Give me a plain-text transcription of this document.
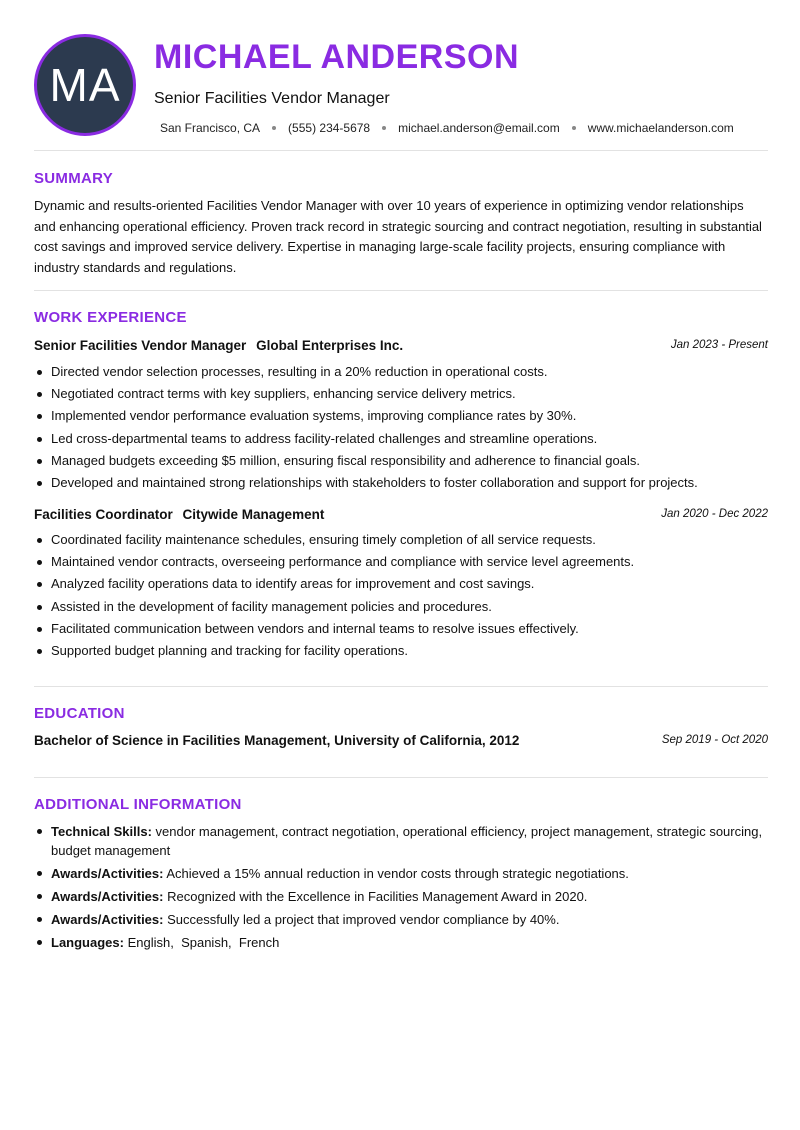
MA
MICHAEL ANDERSON
Senior Facilities Vendor Manager
San Francisco, CA (555) 234-5678 michael.anderson@email.com www.michaelanderson.com
SUMMARY
Dynamic and results-oriented Facilities Vendor Manager with over 10 years of experience in optimizing vendor relationships and enhancing operational efficiency. Proven track record in strategic sourcing and contract negotiation, resulting in substantial cost savings and improved service delivery. Expertise in managing large-scale facility projects, ensuring compliance with industry standards and regulations.
WORK EXPERIENCE
Senior Facilities Vendor Manager Global Enterprises Inc.	Jan 2023 - Present
Directed vendor selection processes, resulting in a 20% reduction in operational costs.
Negotiated contract terms with key suppliers, enhancing service delivery metrics.
Implemented vendor performance evaluation systems, improving compliance rates by 30%.
Led cross-departmental teams to address facility-related challenges and streamline operations.
Managed budgets exceeding $5 million, ensuring fiscal responsibility and adherence to financial goals.
Developed and maintained strong relationships with stakeholders to foster collaboration and support for projects.
Facilities Coordinator Citywide Management	Jan 2020 - Dec 2022
Coordinated facility maintenance schedules, ensuring timely completion of all service requests.
Maintained vendor contracts, overseeing performance and compliance with service level agreements.
Analyzed facility operations data to identify areas for improvement and cost savings.
Assisted in the development of facility management policies and procedures.
Facilitated communication between vendors and internal teams to resolve issues effectively.
Supported budget planning and tracking for facility operations.
EDUCATION
Bachelor of Science in Facilities Management, University of California, 2012	Sep 2019 - Oct 2020
ADDITIONAL INFORMATION
Technical Skills: vendor management, contract negotiation, operational efficiency, project management, strategic sourcing, budget management
Awards/Activities: Achieved a 15% annual reduction in vendor costs through strategic negotiations.
Awards/Activities: Recognized with the Excellence in Facilities Management Award in 2020.
Awards/Activities: Successfully led a project that improved vendor compliance by 40%.
Languages: English,  Spanish,  French
